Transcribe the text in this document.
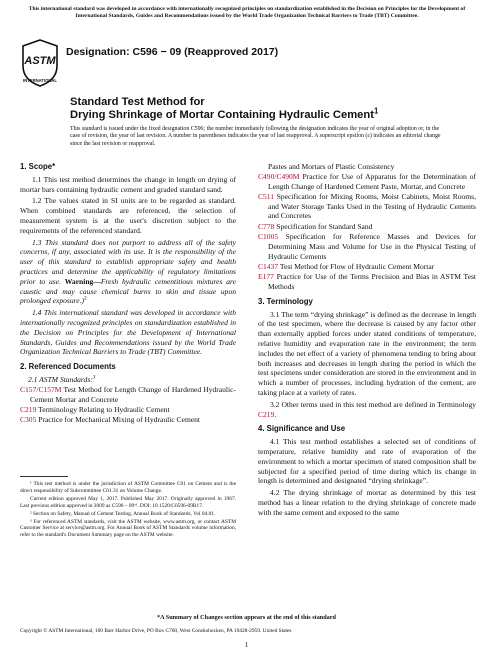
This international standard was developed in accordance with internationally recognized principles on standardization established in the Decision on Principles for the Development of International Standards, Guides and Recommendations issued by the World Trade Organization Technical Barriers to Trade (TBT) Committee.
ASTM
INTERNATIONAL
Designation: C596 − 09 (Reapproved 2017)
Standard Test Method for
Drying Shrinkage of Mortar Containing Hydraulic Cement$^1$
This standard is issued under the fixed designation C596; the number immediately following the designation indicates the year of original adoption or, in the case of revision, the year of last revision. A number in parentheses indicates the year of last reapproval. A superscript epsilon (ε) indicates an editorial change since the last revision or reapproval.
1. Scope*
1.1 This test method determines the change in length on drying of mortar bars containing hydraulic cement and graded standard sand.
1.2 The values stated in SI units are to be regarded as standard. When combined standards are referenced, the selection of measurement system is at the user's discretion subject to the requirements of the referenced standard.
1.3 This standard does not purport to address all of the safety concerns, if any, associated with its use. It is the responsibility of the user of this standard to establish appropriate safety and health practices and determine the applicability of regulatory limitations prior to use. Warning—Fresh hydraulic cementitious mixtures are caustic and may cause chemical burns to skin and tissue upon prolonged exposure.)$^2$
1.4 This international standard was developed in accordance with internationally recognized principles on standardization established in the Decision on Principles for the Development of International Standards, Guides and Recommendations issued by the World Trade Organization Technical Barriers to Trade (TBT) Committee.
2. Referenced Documents
2.1 ASTM Standards:$^3$
C157/C157M Test Method for Length Change of Hardened Hydraulic-Cement Mortar and Concrete
C219 Terminology Relating to Hydraulic Cement
C305 Practice for Mechanical Mixing of Hydraulic Cement
¹ This test method is under the jurisdiction of ASTM Committee C01 on Cement and is the direct responsibility of Subcommittee C01.31 on Volume Change.
Current edition approved May 1, 2017. Published May 2017. Originally approved in 1967. Last previous edition approved in 2009 as C596 – 09ᵉ¹. DOI: 10.1520/C0596-09R17.
² Section on Safety, Manual of Cement Testing, Annual Book of Standards, Vol 04.01.
³ For referenced ASTM standards, visit the ASTM website, www.astm.org, or contact ASTM Customer Service at service@astm.org. For Annual Book of ASTM Standards volume information, refer to the standard's Document Summary page on the ASTM website.
Pastes and Mortars of Plastic Consistency
C490/C490M Practice for Use of Apparatus for the Determination of Length Change of Hardened Cement Paste, Mortar, and Concrete
C511 Specification for Mixing Rooms, Moist Cabinets, Moist Rooms, and Water Storage Tanks Used in the Testing of Hydraulic Cements and Concretes
C778 Specification for Standard Sand
C1005 Specification for Reference Masses and Devices for Determining Mass and Volume for Use in the Physical Testing of Hydraulic Cements
C1437 Test Method for Flow of Hydraulic Cement Mortar
E177 Practice for Use of the Terms Precision and Bias in ASTM Test Methods
3. Terminology
3.1 The term “drying shrinkage” is defined as the decrease in length of the test specimen, where the decrease is caused by any factor other than externally applied forces under stated conditions of temperature, relative humidity and evaporation rate in the environment; the term includes the net effect of a variety of phenomena tending to bring about both increases and decreases in length during the period in which the test specimens under consideration are stored in the environment and in which a number of processes, including hydration of the cement, are taking place at a variety of rates.
3.2 Other terms used in this test method are defined in Terminology C219.
4. Significance and Use
4.1 This test method establishes a selected set of conditions of temperature, relative humidity and rate of evaporation of the environment to which a mortar specimen of stated composition shall be subjected for a specified period of time during which its change in length is determined and designated “drying shrinkage”.
4.2 The drying shrinkage of mortar as determined by this test method has a linear relation to the drying shrinkage of concrete made with the same cement and exposed to the same
*A Summary of Changes section appears at the end of this standard
Copyright © ASTM International, 100 Barr Harbor Drive, PO Box C700, West Conshohocken, PA 19428-2959. United States
1
